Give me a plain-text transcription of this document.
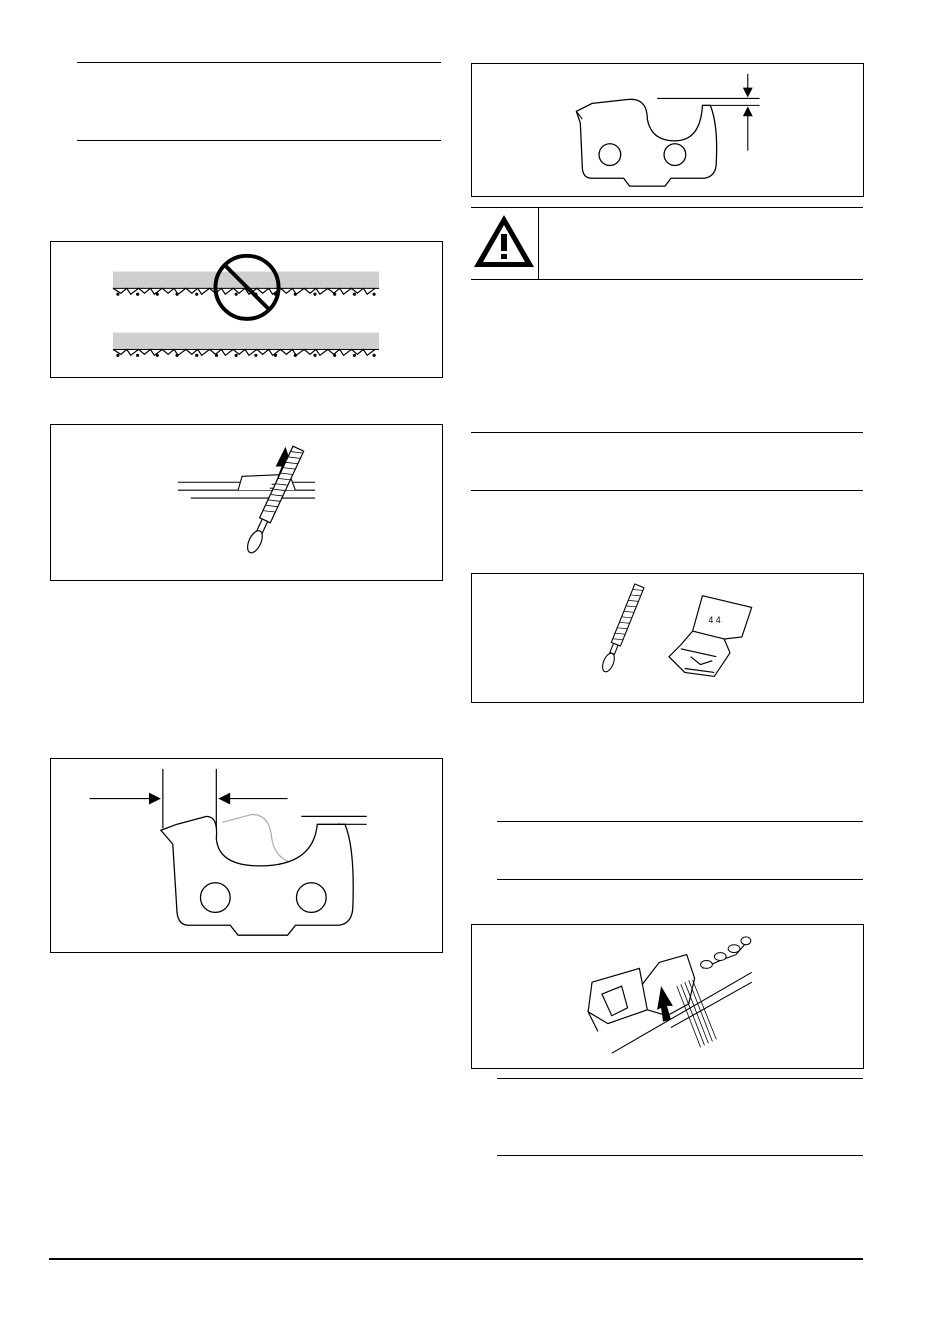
4 4
